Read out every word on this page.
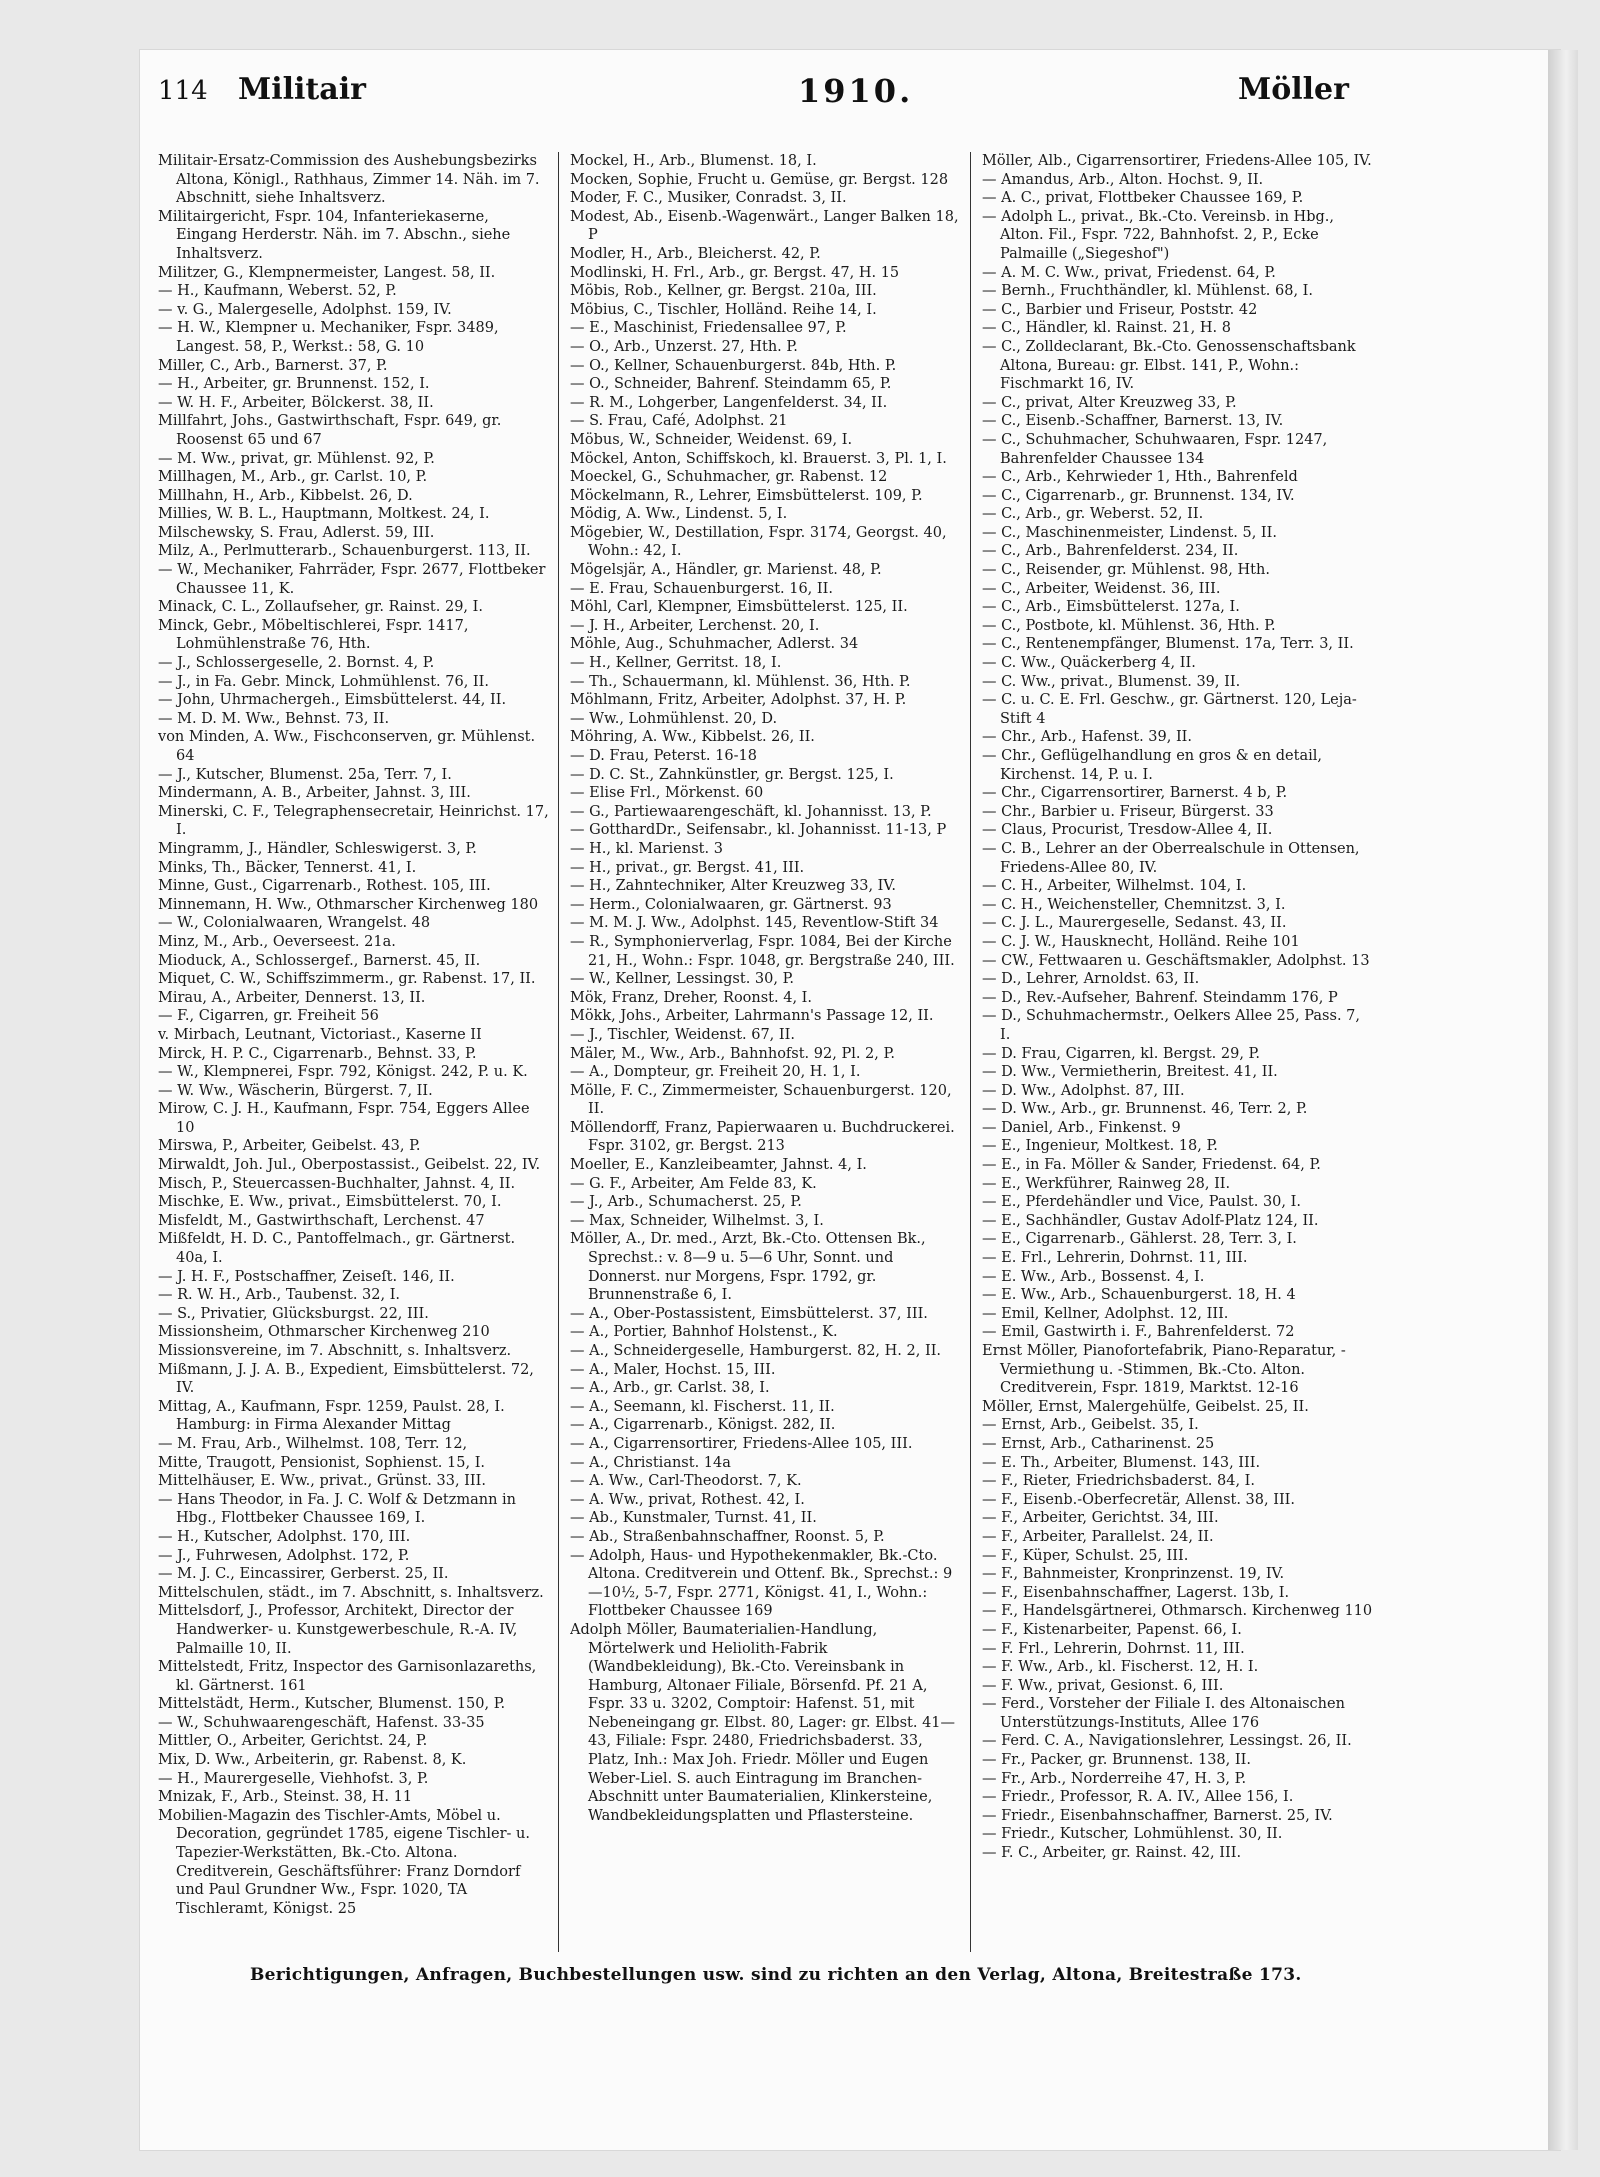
114 Militair	1910.	Möller

Militair-Ersatz-Commission des Aushebungsbezirks Altona, Königl., Rathhaus, Zimmer 14. Näh. im 7. Abschnitt, siehe Inhaltsverz.

Militairgericht, Fspr. 104, Infanteriekaserne, Eingang Herderstr. Näh. im 7. Abschn., siehe Inhaltsverz.

Militzer, G., Klempnermeister, Langest. 58, II.

— H., Kaufmann, Weberst. 52, P.

— v. G., Malergeselle, Adolphst. 159, IV.

— H. W., Klempner u. Mechaniker, Fspr. 3489, Langest. 58, P., Werkst.: 58, G. 10

Miller, C., Arb., Barnerst. 37, P.

— H., Arbeiter, gr. Brunnenst. 152, I.

— W. H. F., Arbeiter, Bölckerst. 38, II.

Millfahrt, Johs., Gastwirthschaft, Fspr. 649, gr. Roosenst 65 und 67

— M. Ww., privat, gr. Mühlenst. 92, P.

Millhagen, M., Arb., gr. Carlst. 10, P.

Millhahn, H., Arb., Kibbelst. 26, D.

Millies, W. B. L., Hauptmann, Moltkest. 24, I.

Milschewsky, S. Frau, Adlerst. 59, III.

Milz, A., Perlmutterarb., Schauenburgerst. 113, II.

— W., Mechaniker, Fahrräder, Fspr. 2677, Flottbeker Chaussee 11, K.

Minack, C. L., Zollaufseher, gr. Rainst. 29, I.

Minck, Gebr., Möbeltischlerei, Fspr. 1417, Lohmühlenstraße 76, Hth.

— J., Schlossergeselle, 2. Bornst. 4, P.

— J., in Fa. Gebr. Minck, Lohmühlenst. 76, II.

— John, Uhrmachergeh., Eimsbüttelerst. 44, II.

— M. D. M. Ww., Behnst. 73, II.

von Minden, A. Ww., Fischconserven, gr. Mühlenst. 64

— J., Kutscher, Blumenst. 25a, Terr. 7, I.

Mindermann, A. B., Arbeiter, Jahnst. 3, III.

Minerski, C. F., Telegraphensecretair, Heinrichst. 17, I.

Mingramm, J., Händler, Schleswigerst. 3, P.

Minks, Th., Bäcker, Tennerst. 41, I.

Minne, Gust., Cigarrenarb., Rothest. 105, III.

Minnemann, H. Ww., Othmarscher Kirchenweg 180

— W., Colonialwaaren, Wrangelst. 48

Minz, M., Arb., Oeverseest. 21a.

Mioduck, A., Schlossergef., Barnerst. 45, II.

Miquet, C. W., Schiffszimmerm., gr. Rabenst. 17, II.

Mirau, A., Arbeiter, Dennerst. 13, II.

— F., Cigarren, gr. Freiheit 56

v. Mirbach, Leutnant, Victoriast., Kaserne II

Mirck, H. P. C., Cigarrenarb., Behnst. 33, P.

— W., Klempnerei, Fspr. 792, Königst. 242, P. u. K.

— W. Ww., Wäscherin, Bürgerst. 7, II.

Mirow, C. J. H., Kaufmann, Fspr. 754, Eggers Allee 10

Mirswa, P., Arbeiter, Geibelst. 43, P.

Mirwaldt, Joh. Jul., Oberpostassist., Geibelst. 22, IV.

Misch, P., Steuercassen-Buchhalter, Jahnst. 4, II.

Mischke, E. Ww., privat., Eimsbüttelerst. 70, I.

Misfeldt, M., Gastwirthschaft, Lerchenst. 47

Mißfeldt, H. D. C., Pantoffelmach., gr. Gärtnerst. 40a, I.

— J. H. F., Postschaffner, Zeiseſt. 146, II.

— R. W. H., Arb., Taubenst. 32, I.

— S., Privatier, Glücksburgst. 22, III.

Missionsheim, Othmarscher Kirchenweg 210

Missionsvereine, im 7. Abschnitt, s. Inhaltsverz.

Mißmann, J. J. A. B., Expedient, Eimsbüttelerst. 72, IV.

Mittag, A., Kaufmann, Fspr. 1259, Paulst. 28, I. Hamburg: in Firma Alexander Mittag

— M. Frau, Arb., Wilhelmst. 108, Terr. 12,

Mitte, Traugott, Pensionist, Sophienst. 15, I.

Mittelhäuser, E. Ww., privat., Grünst. 33, III.

— Hans Theodor, in Fa. J. C. Wolf & Detzmann in Hbg., Flottbeker Chaussee 169, I.

— H., Kutscher, Adolphst. 170, III.

— J., Fuhrwesen, Adolphst. 172, P.

— M. J. C., Eincassirer, Gerberst. 25, II.

Mittelschulen, städt., im 7. Abschnitt, s. Inhaltsverz.

Mittelsdorf, J., Professor, Architekt, Director der Handwerker- u. Kunstgewerbeschule, R.-A. IV, Palmaille 10, II.

Mittelstedt, Fritz, Inspector des Garnisonlazareths, kl. Gärtnerst. 161

Mittelstädt, Herm., Kutscher, Blumenst. 150, P.

— W., Schuhwaarengeschäft, Hafenst. 33-35

Mittler, O., Arbeiter, Gerichtst. 24, P.

Mix, D. Ww., Arbeiterin, gr. Rabenst. 8, K.

— H., Maurergeselle, Viehhofst. 3, P.

Mnizak, F., Arb., Steinst. 38, H. 11

Mobilien-Magazin des Tischler-Amts, Möbel u. Decoration, gegründet 1785, eigene Tischler- u. Tapezier-Werkstätten, Bk.-Cto. Altona. Creditverein, Geschäftsführer: Franz Dorndorf und Paul Grundner Ww., Fspr. 1020, TA Tischleramt, Königst. 25

Mockel, H., Arb., Blumenst. 18, I.

Mocken, Sophie, Frucht u. Gemüse, gr. Bergst. 128

Moder, F. C., Musiker, Conradst. 3, II.

Modest, Ab., Eisenb.-Wagenwärt., Langer Balken 18, P

Modler, H., Arb., Bleicherst. 42, P.

Modlinski, H. Frl., Arb., gr. Bergst. 47, H. 15

Möbis, Rob., Kellner, gr. Bergst. 210a, III.

Möbius, C., Tischler, Holländ. Reihe 14, I.

— E., Maschinist, Friedensallee 97, P.

— O., Arb., Unzerst. 27, Hth. P.

— O., Kellner, Schauenburgerst. 84b, Hth. P.

— O., Schneider, Bahrenf. Steindamm 65, P.

— R. M., Lohgerber, Langenfelderst. 34, II.

— S. Frau, Café, Adolphst. 21

Möbus, W., Schneider, Weidenst. 69, I.

Möckel, Anton, Schiffskoch, kl. Brauerst. 3, Pl. 1, I.

Moeckel, G., Schuhmacher, gr. Rabenst. 12

Möckelmann, R., Lehrer, Eimsbüttelerst. 109, P.

Mödig, A. Ww., Lindenst. 5, I.

Mögebier, W., Destillation, Fspr. 3174, Georgst. 40, Wohn.: 42, I.

Mögelsjär, A., Händler, gr. Marienst. 48, P.

— E. Frau, Schauenburgerst. 16, II.

Möhl, Carl, Klempner, Eimsbüttelerst. 125, II.

— J. H., Arbeiter, Lerchenst. 20, I.

Möhle, Aug., Schuhmacher, Adlerst. 34

— H., Kellner, Gerritst. 18, I.

— Th., Schauermann, kl. Mühlenst. 36, Hth. P.

Möhlmann, Fritz, Arbeiter, Adolphst. 37, H. P.

— Ww., Lohmühlenst. 20, D.

Möhring, A. Ww., Kibbelst. 26, II.

— D. Frau, Peterst. 16-18

— D. C. St., Zahnkünstler, gr. Bergst. 125, I.

— Elise Frl., Mörkenst. 60

— G., Partiewaarengeschäft, kl. Johannisst. 13, P.

— GotthardDr., Seifensabr., kl. Johannisst. 11-13, P

— H., kl. Marienst. 3

— H., privat., gr. Bergst. 41, III.

— H., Zahntechniker, Alter Kreuzweg 33, IV.

— Herm., Colonialwaaren, gr. Gärtnerst. 93

— M. M. J. Ww., Adolphst. 145, Reventlow-Stift 34

— R., Symphonierverlag, Fspr. 1084, Bei der Kirche 21, H., Wohn.: Fspr. 1048, gr. Bergstraße 240, III.

— W., Kellner, Lessingst. 30, P.

Mök, Franz, Dreher, Roonst. 4, I.

Mökk, Johs., Arbeiter, Lahrmann's Passage 12, II.

— J., Tischler, Weidenst. 67, II.

Mäler, M., Ww., Arb., Bahnhofst. 92, Pl. 2, P.

— A., Dompteur, gr. Freiheit 20, H. 1, I.

Mölle, F. C., Zimmermeister, Schauenburgerst. 120, II.

Möllendorff, Franz, Papierwaaren u. Buchdruckerei. Fspr. 3102, gr. Bergst. 213

Moeller, E., Kanzleibeamter, Jahnst. 4, I.

— G. F., Arbeiter, Am Felde 83, K.

— J., Arb., Schumacherst. 25, P.

— Max, Schneider, Wilhelmst. 3, I.

Möller, A., Dr. med., Arzt, Bk.-Cto. Ottensen Bk., Sprechst.: v. 8—9 u. 5—6 Uhr, Sonnt. und Donnerst. nur Morgens, Fspr. 1792, gr. Brunnenstraße 6, I.

— A., Ober-Postassistent, Eimsbüttelerst. 37, III.

— A., Portier, Bahnhof Holstenst., K.

— A., Schneidergeselle, Hamburgerst. 82, H. 2, II.

— A., Maler, Hochst. 15, III.

— A., Arb., gr. Carlst. 38, I.

— A., Seemann, kl. Fischerst. 11, II.

— A., Cigarrenarb., Königst. 282, II.

— A., Cigarrensortirer, Friedens-Allee 105, III.

— A., Christianst. 14a

— A. Ww., Carl-Theodorst. 7, K.

— A. Ww., privat, Rothest. 42, I.

— Ab., Kunstmaler, Turnst. 41, II.

— Ab., Straßenbahnschaffner, Roonst. 5, P.

— Adolph, Haus- und Hypothekenmakler, Bk.-Cto. Altona. Creditverein und Ottenf. Bk., Sprechst.: 9—10½, 5-7, Fspr. 2771, Königst. 41, I., Wohn.: Flottbeker Chaussee 169

Adolph Möller, Baumaterialien-Handlung, Mörtelwerk und Heliolith-Fabrik (Wandbekleidung), Bk.-Cto. Vereinsbank in Hamburg, Altonaer Filiale, Börsenfd. Pf. 21 A, Fspr. 33 u. 3202, Comptoir: Hafenst. 51, mit Nebeneingang gr. Elbst. 80, Lager: gr. Elbst. 41—43, Filiale: Fspr. 2480, Friedrichsbaderst. 33, Platz, Inh.: Max Joh. Friedr. Möller und Eugen Weber-Liel. S. auch Eintragung im Branchen-Abschnitt unter Baumaterialien, Klinkersteine, Wandbekleidungsplatten und Pflastersteine.

Möller, Alb., Cigarrensortirer, Friedens-Allee 105, IV.

— Amandus, Arb., Alton. Hochst. 9, II.

— A. C., privat, Flottbeker Chaussee 169, P.

— Adolph L., privat., Bk.-Cto. Vereinsb. in Hbg., Alton. Fil., Fspr. 722, Bahnhofst. 2, P., Ecke Palmaille („Siegeshof")

— A. M. C. Ww., privat, Friedenst. 64, P.

— Bernh., Fruchthändler, kl. Mühlenst. 68, I.

— C., Barbier und Friseur, Poststr. 42

— C., Händler, kl. Rainst. 21, H. 8

— C., Zolldeclarant, Bk.-Cto. Genossenschaftsbank Altona, Bureau: gr. Elbst. 141, P., Wohn.: Fischmarkt 16, IV.

— C., privat, Alter Kreuzweg 33, P.

— C., Eisenb.-Schaffner, Barnerst. 13, IV.

— C., Schuhmacher, Schuhwaaren, Fspr. 1247, Bahrenfelder Chaussee 134

— C., Arb., Kehrwieder 1, Hth., Bahrenfeld

— C., Cigarrenarb., gr. Brunnenst. 134, IV.

— C., Arb., gr. Weberst. 52, II.

— C., Maschinenmeister, Lindenst. 5, II.

— C., Arb., Bahrenfelderst. 234, II.

— C., Reisender, gr. Mühlenst. 98, Hth.

— C., Arbeiter, Weidenst. 36, III.

— C., Arb., Eimsbüttelerst. 127a, I.

— C., Postbote, kl. Mühlenst. 36, Hth. P.

— C., Rentenempfänger, Blumenst. 17a, Terr. 3, II.

— C. Ww., Quäckerberg 4, II.

— C. Ww., privat., Blumenst. 39, II.

— C. u. C. E. Frl. Geschw., gr. Gärtnerst. 120, Leja-Stift 4

— Chr., Arb., Hafenst. 39, II.

— Chr., Geflügelhandlung en gros & en detail, Kirchenst. 14, P. u. I.

— Chr., Cigarrensortirer, Barnerst. 4 b, P.

— Chr., Barbier u. Friseur, Bürgerst. 33

— Claus, Procurist, Tresdow-Allee 4, II.

— C. B., Lehrer an der Oberrealschule in Ottensen, Friedens-Allee 80, IV.

— C. H., Arbeiter, Wilhelmst. 104, I.

— C. H., Weichensteller, Chemnitzst. 3, I.

— C. J. L., Maurergeselle, Sedanst. 43, II.

— C. J. W., Hausknecht, Holländ. Reihe 101

— CW., Fettwaaren u. Geschäftsmakler, Adolphst. 13

— D., Lehrer, Arnoldst. 63, II.

— D., Rev.-Aufseher, Bahrenf. Steindamm 176, P

— D., Schuhmachermstr., Oelkers Allee 25, Pass. 7, I.

— D. Frau, Cigarren, kl. Bergst. 29, P.

— D. Ww., Vermietherin, Breitest. 41, II.

— D. Ww., Adolphst. 87, III.

— D. Ww., Arb., gr. Brunnenst. 46, Terr. 2, P.

— Daniel, Arb., Finkenst. 9

— E., Ingenieur, Moltkest. 18, P.

— E., in Fa. Möller & Sander, Friedenst. 64, P.

— E., Werkführer, Rainweg 28, II.

— E., Pferdehändler und Vice, Paulst. 30, I.

— E., Sachhändler, Gustav Adolf-Platz 124, II.

— E., Cigarrenarb., Gählerst. 28, Terr. 3, I.

— E. Frl., Lehrerin, Dohrnst. 11, III.

— E. Ww., Arb., Bossenst. 4, I.

— E. Ww., Arb., Schauenburgerst. 18, H. 4

— Emil, Kellner, Adolphst. 12, III.

— Emil, Gastwirth i. F., Bahrenfelderst. 72

Ernst Möller, Pianofortefabrik, Piano-Reparatur, -Vermiethung u. -Stimmen, Bk.-Cto. Alton. Creditverein, Fspr. 1819, Marktst. 12-16

Möller, Ernst, Malergehülfe, Geibelst. 25, II.

— Ernst, Arb., Geibelst. 35, I.

— Ernst, Arb., Catharinenst. 25

— E. Th., Arbeiter, Blumenst. 143, III.

— F., Rieter, Friedrichsbaderst. 84, I.

— F., Eisenb.-Oberfecretär, Allenst. 38, III.

— F., Arbeiter, Gerichtst. 34, III.

— F., Arbeiter, Parallelst. 24, II.

— F., Küper, Schulst. 25, III.

— F., Bahnmeister, Kronprinzenst. 19, IV.

— F., Eisenbahnschaffner, Lagerst. 13b, I.

— F., Handelsgärtnerei, Othmarsch. Kirchenweg 110

— F., Kistenarbeiter, Papenst. 66, I.

— F. Frl., Lehrerin, Dohrnst. 11, III.

— F. Ww., Arb., kl. Fischerst. 12, H. I.

— F. Ww., privat, Gesionst. 6, III.

— Ferd., Vorsteher der Filiale I. des Altonaischen Unterstützungs-Instituts, Allee 176

— Ferd. C. A., Navigationslehrer, Lessingst. 26, II.

— Fr., Packer, gr. Brunnenst. 138, II.

— Fr., Arb., Norderreihe 47, H. 3, P.

— Friedr., Professor, R. A. IV., Allee 156, I.

— Friedr., Eisenbahnschaffner, Barnerst. 25, IV.

— Friedr., Kutscher, Lohmühlenst. 30, II.

— F. C., Arbeiter, gr. Rainst. 42, III.

Berichtigungen, Anfragen, Buchbestellungen usw. sind zu richten an den Verlag, Altona, Breitestraße 173.
